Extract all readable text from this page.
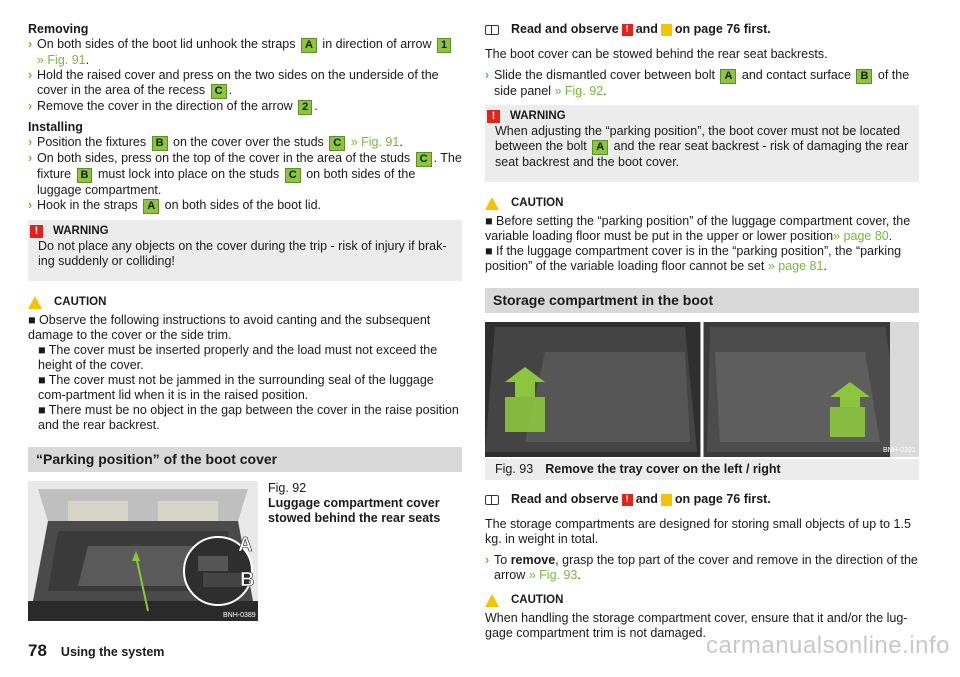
Removing
› On both sides of the boot lid unhook the straps A in direction of arrow 1 » Fig. 91.
› Hold the raised cover and press on the two sides on the underside of the cover in the area of the recess C .
› Remove the cover in the direction of the arrow 2 .
Installing
› Position the fixtures B on the cover over the studs C » Fig. 91.
› On both sides, press on the top of the cover in the area of the studs C . The fixture B must lock into place on the studs C on both sides of the luggage compartment.
› Hook in the straps A on both sides of the boot lid.
!	WARNING
Do not place any objects on the cover during the trip - risk of injury if brak-ing suddenly or colliding!
CAUTION
■ Observe the following instructions to avoid canting and the subsequent damage to the cover or the side trim.
■ The cover must be inserted properly and the load must not exceed the height of the cover.
■ The cover must not be jammed in the surrounding seal of the luggage com-partment lid when it is in the raised position.
■ There must be no object in the gap between the cover in the raise position and the rear backrest.
“Parking position” of the boot cover
A
B
BNH-0389
Fig. 92
Luggage compartment cover stowed behind the rear seats
Read and observe ! and on page 76 first.
The boot cover can be stowed behind the rear seat backrests.
› Slide the dismantled cover between bolt A and contact surface B of the side panel » Fig. 92.
!	WARNING
When adjusting the “parking position”, the boot cover must not be located between the bolt A and the rear seat backrest - risk of damaging the rear seat backrest and the boot cover.
CAUTION
■ Before setting the “parking position” of the luggage compartment cover, the variable loading floor must be put in the upper or lower position» page 80.
■ If the luggage compartment cover is in the “parking position”, the “parking position” of the variable loading floor cannot be set » page 81.
Storage compartment in the boot
BNH-0391
Fig. 93 Remove the tray cover on the left / right
Read and observe ! and on page 76 first.
The storage compartments are designed for storing small objects of up to 1.5 kg. in weight in total.
› To remove, grasp the top part of the cover and remove in the direction of the arrow » Fig. 93.
CAUTION
When handling the storage compartment cover, ensure that it and/or the lug-gage compartment trim is not damaged.
78 Using the system	carmanualsonline.info
